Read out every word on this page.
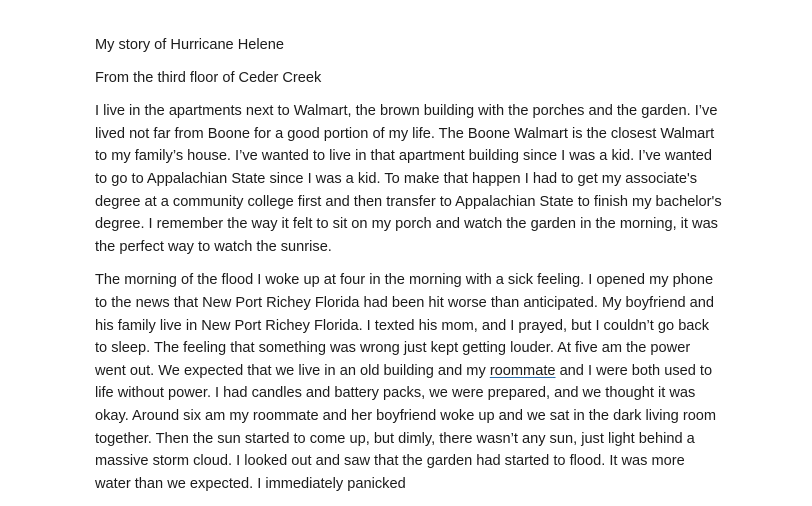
My story of Hurricane Helene

From the third floor of Ceder Creek

I live in the apartments next to Walmart, the brown building with the porches and the garden. I’ve lived not far from Boone for a good portion of my life. The Boone Walmart is the closest Walmart to my family’s house. I’ve wanted to live in that apartment building since I was a kid. I’ve wanted to go to Appalachian State since I was a kid. To make that happen I had to get my associate's degree at a community college first and then transfer to Appalachian State to finish my bachelor's degree. I remember the way it felt to sit on my porch and watch the garden in the morning, it was the perfect way to watch the sunrise.

The morning of the flood I woke up at four in the morning with a sick feeling. I opened my phone to the news that New Port Richey Florida had been hit worse than anticipated. My boyfriend and his family live in New Port Richey Florida. I texted his mom, and I prayed, but I couldn’t go back to sleep. The feeling that something was wrong just kept getting louder. At five am the power went out. We expected that we live in an old building and my roommate and I were both used to life without power. I had candles and battery packs, we were prepared, and we thought it was okay. Around six am my roommate and her boyfriend woke up and we sat in the dark living room together. Then the sun started to come up, but dimly, there wasn’t any sun, just light behind a massive storm cloud. I looked out and saw that the garden had started to flood. It was more water than we expected. I immediately panicked
